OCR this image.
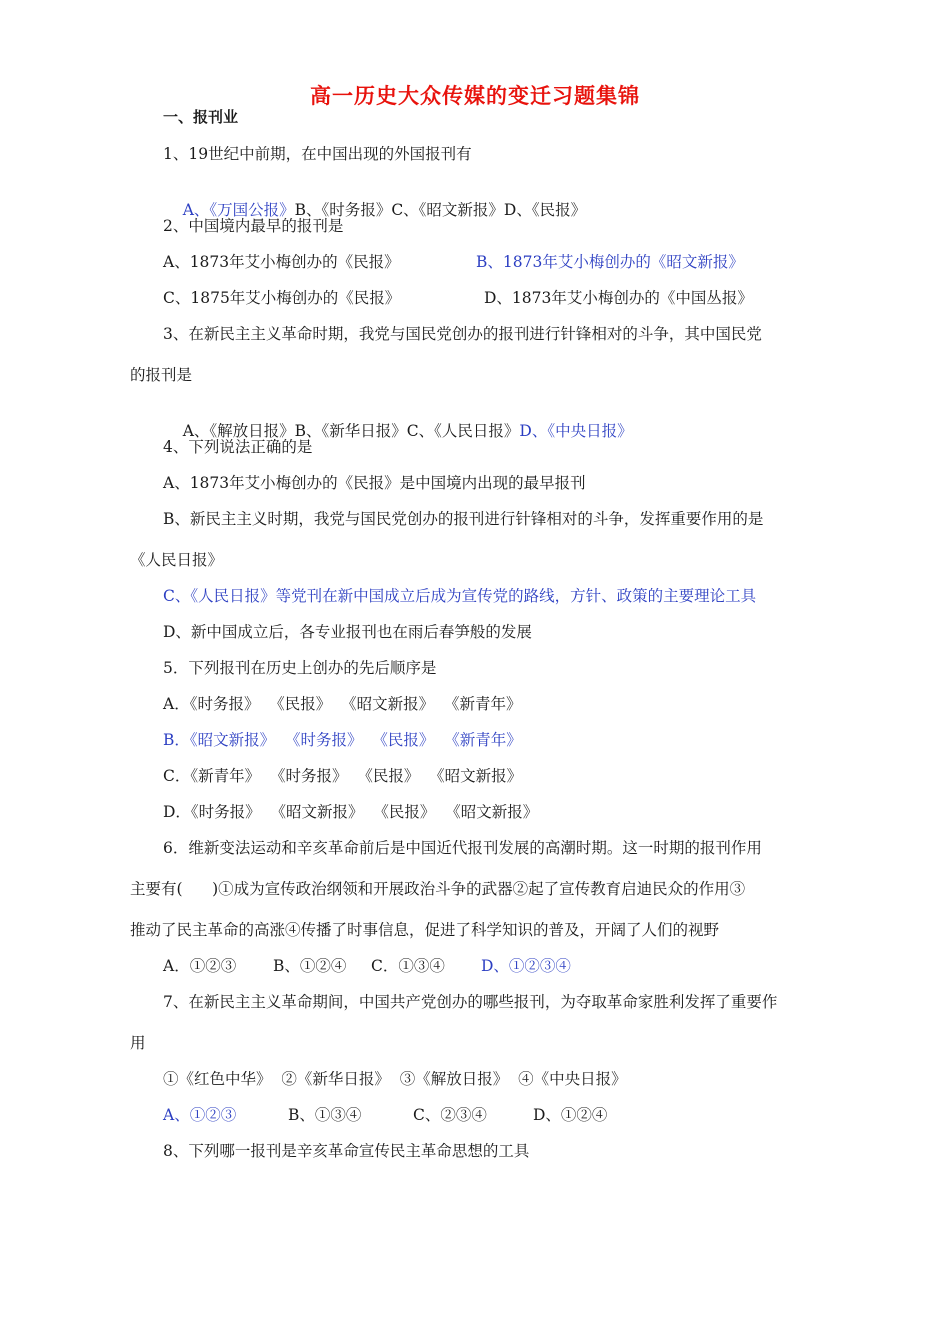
高一历史大众传媒的变迁习题集锦
一、报刊业
1、19世纪中前期，在中国出现的外国报刊有

A、《万国公报》B、《时务报》C、《昭文新报》D、《民报》

2、中国境内最早的报刊是
A、1873年艾小梅创办的《民报》	B、1873年艾小梅创办的《昭文新报》
C、1875年艾小梅创办的《民报》	D、1873年艾小梅创办的《中国丛报》
3、在新民主主义革命时期，我党与国民党创办的报刊进行针锋相对的斗争，其中国民党
的报刊是

A、《解放日报》B、《新华日报》C、《人民日报》D、《中央日报》

4、下列说法正确的是
A、1873年艾小梅创办的《民报》是中国境内出现的最早报刊
B、新民主主义时期，我党与国民党创办的报刊进行针锋相对的斗争，发挥重要作用的是
《人民日报》
C、《人民日报》等党刊在新中国成立后成为宣传党的路线，方针、政策的主要理论工具
D、新中国成立后，各专业报刊也在雨后春笋般的发展
5．下列报刊在历史上创办的先后顺序是
A．《时务报》  《民报》  《昭文新报》  《新青年》
B．《昭文新报》  《时务报》  《民报》  《新青年》
C．《新青年》  《时务报》  《民报》  《昭文新报》
D．《时务报》  《昭文新报》  《民报》  《昭文新报》
6．维新变法运动和辛亥革命前后是中国近代报刊发展的高潮时期。这一时期的报刊作用
主要有(      )①成为宣传政治纲领和开展政治斗争的武器②起了宣传教育启迪民众的作用③
推动了民主革命的高涨④传播了时事信息，促进了科学知识的普及，开阔了人们的视野
A．①②③ B、①②④ C．①③④ D、①②③④
7、在新民主主义革命期间，中国共产党创办的哪些报刊，为夺取革命家胜利发挥了重要作
用
①《红色中华》  ②《新华日报》  ③《解放日报》  ④《中央日报》
A、①②③	B、①③④	C、②③④	D、①②④
8、下列哪一报刊是辛亥革命宣传民主革命思想的工具
